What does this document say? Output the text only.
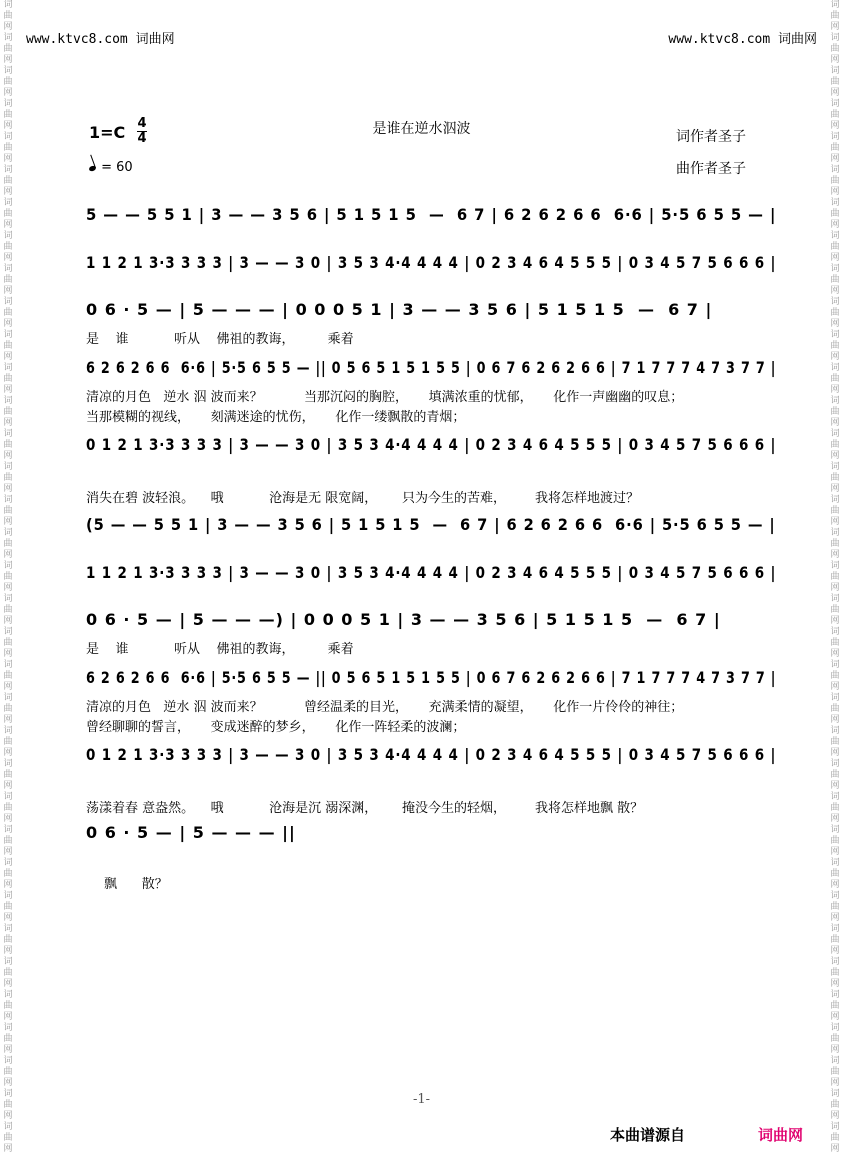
词
曲
网
词
曲
网
词
曲
网
词
曲
网
词
曲
网
词
曲
网
词
曲
网
词
曲
网
词
曲
网
词
曲
网
词
曲
网
词
曲
网
词
曲
网
词
曲
网
词
曲
网
词
曲
网
词
曲
网
词
曲
网
词
曲
网
词
曲
网
词
曲
网
词
曲
网
词
曲
网
词
曲
网
词
曲
网
词
曲
网
词
曲
网
词
曲
网
词
曲
网
词
曲
网
词
曲
网
词
曲
网
词
曲
网
词
曲
网
词
曲
网
词
曲
网
词
曲
网
词
曲
网
词
曲
网
词
曲
网
词
曲
网
词
曲
网
词
曲
网
词
曲
网
词
曲
网
词
曲
网
词
曲
网
词
曲
网
词
曲
网
词
曲
网
词
曲
网
词
曲
网
词
曲
网
词
曲
网
词
曲
网
词
曲
网
词
曲
网
词
曲
网
词
曲
网
词
曲
网
词
曲
网
词
曲
网
词
曲
网
词
曲
网
词
曲
网
词
曲
网
词
曲
网
词
曲
网
词
曲
网
词
曲
网
www.ktvc8.com 词曲网	www.ktvc8.com 词曲网
是谁在逆水泅波
1=C 4
4
= 60
词作者圣子
曲作者圣子
5 — — 5 5 1 | 3 — — 3 5 6 | 5 1 5 1 5  —  6 7 | 6 2 6 2 6 6  6·6 | 5·5 6 5 5 — |
1 1 2 1 3·3 3 3 3 | 3 — — 3 0 | 3 5 3 4·4 4 4 4 | 0 2 3 4 6 4 5 5 5 | 0 3 4 5 7 5 6 6 6 |
0 6 · 5 — | 5 — — — | 0 0 0 5 1 | 3 — — 3 5 6 | 5 1 5 1 5  —  6 7 |
是    谁           听从    佛祖的教诲，        乘着
6 2 6 2 6 6  6·6 | 5·5 6 5 5 — || 0 5 6 5 1 5 1 5 5 | 0 6 7 6 2 6 2 6 6 | 7 1 7 7 7 4 7 3 7 7 |
清凉的月色   逆水 泅 波而来？          当那沉闷的胸腔，     填满浓重的忧郁，     化作一声幽幽的叹息；
当那模糊的视线，     刻满迷途的忧伤，     化作一缕飘散的青烟；
0 1 2 1 3·3 3 3 3 | 3 — — 3 0 | 3 5 3 4·4 4 4 4 | 0 2 3 4 6 4 5 5 5 | 0 3 4 5 7 5 6 6 6 |
消失在碧 波轻浪。    哦           沧海是无 限宽阔，      只为今生的苦难，       我将怎样地渡过？
(5 — — 5 5 1 | 3 — — 3 5 6 | 5 1 5 1 5  —  6 7 | 6 2 6 2 6 6  6·6 | 5·5 6 5 5 — |
1 1 2 1 3·3 3 3 3 | 3 — — 3 0 | 3 5 3 4·4 4 4 4 | 0 2 3 4 6 4 5 5 5 | 0 3 4 5 7 5 6 6 6 |
0 6 · 5 — | 5 — — —) | 0 0 0 5 1 | 3 — — 3 5 6 | 5 1 5 1 5  —  6 7 |
是    谁           听从    佛祖的教诲，        乘着
6 2 6 2 6 6  6·6 | 5·5 6 5 5 — || 0 5 6 5 1 5 1 5 5 | 0 6 7 6 2 6 2 6 6 | 7 1 7 7 7 4 7 3 7 7 |
清凉的月色   逆水 泅 波而来？          曾经温柔的目光，     充满柔情的凝望，     化作一片伶伶的神往；
曾经聊聊的誓言，     变成迷醉的梦乡，     化作一阵轻柔的波澜；
0 1 2 1 3·3 3 3 3 | 3 — — 3 0 | 3 5 3 4·4 4 4 4 | 0 2 3 4 6 4 5 5 5 | 0 3 4 5 7 5 6 6 6 |
荡漾着春 意盎然。    哦           沧海是沉 溺深渊，      掩没今生的轻烟，       我将怎样地飘 散？
0 6 · 5 — | 5 — — — ||
飘      散？
-1-
本曲谱源自	词曲网
